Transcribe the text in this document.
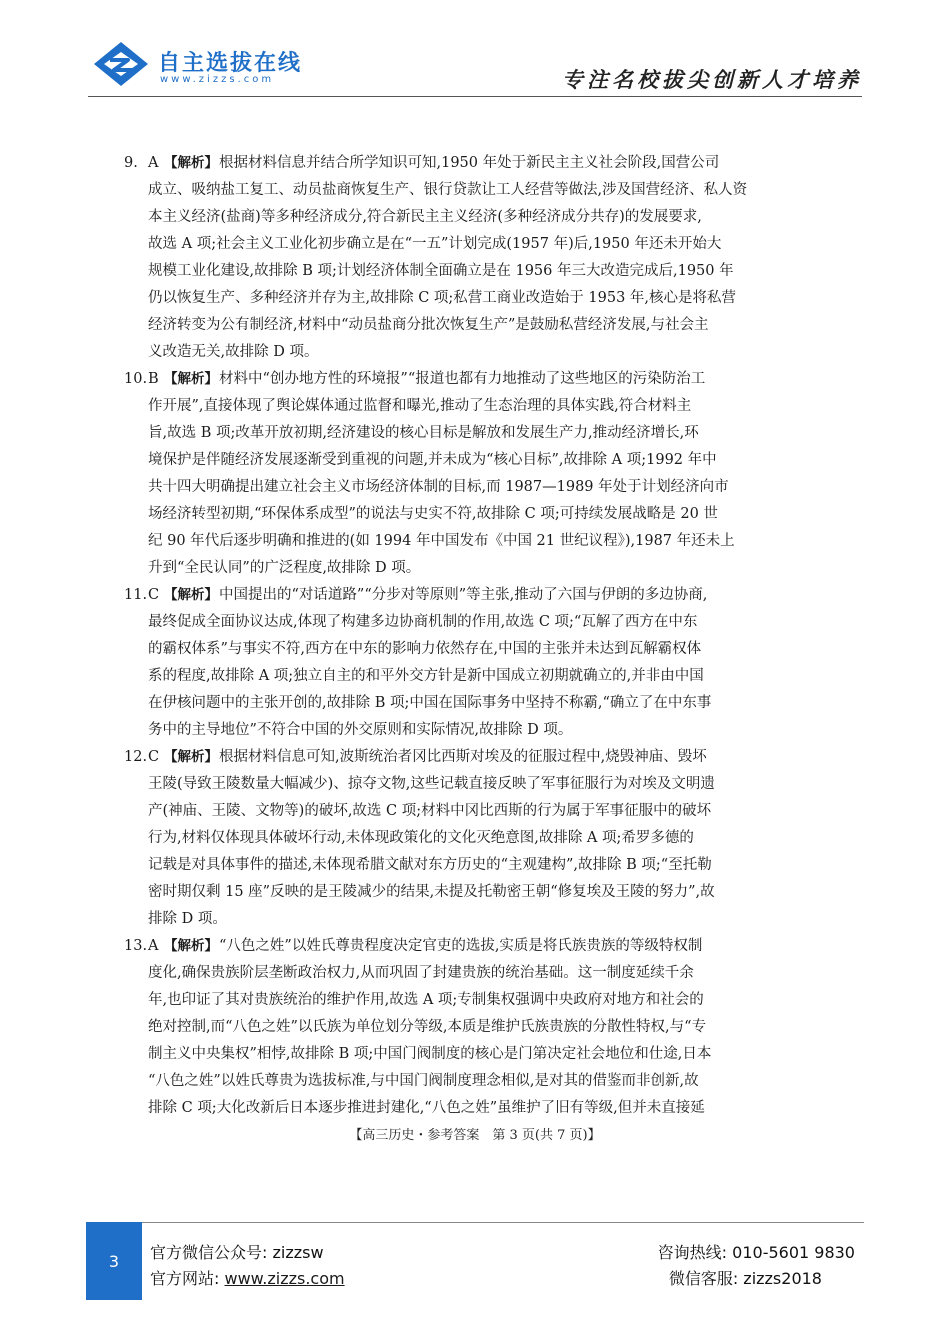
自主选拔在线
www.zizzs.com	专注名校拔尖创新人才培养
9. A 【解析】根据材料信息并结合所学知识可知,1950 年处于新民主主义社会阶段,国营公司
成立、吸纳盐工复工、动员盐商恢复生产、银行贷款让工人经营等做法,涉及国营经济、私人资
本主义经济(盐商)等多种经济成分,符合新民主主义经济(多种经济成分共存)的发展要求,
故选 A 项;社会主义工业化初步确立是在“一五”计划完成(1957 年)后,1950 年还未开始大
规模工业化建设,故排除 B 项;计划经济体制全面确立是在 1956 年三大改造完成后,1950 年
仍以恢复生产、多种经济并存为主,故排除 C 项;私营工商业改造始于 1953 年,核心是将私营
经济转变为公有制经济,材料中“动员盐商分批次恢复生产”是鼓励私营经济发展,与社会主
义改造无关,故排除 D 项。
10.B 【解析】材料中“创办地方性的环境报”“报道也都有力地推动了这些地区的污染防治工
作开展”,直接体现了舆论媒体通过监督和曝光,推动了生态治理的具体实践,符合材料主
旨,故选 B 项;改革开放初期,经济建设的核心目标是解放和发展生产力,推动经济增长,环
境保护是伴随经济发展逐渐受到重视的问题,并未成为“核心目标”,故排除 A 项;1992 年中
共十四大明确提出建立社会主义市场经济体制的目标,而 1987—1989 年处于计划经济向市
场经济转型初期,“环保体系成型”的说法与史实不符,故排除 C 项;可持续发展战略是 20 世
纪 90 年代后逐步明确和推进的(如 1994 年中国发布《中国 21 世纪议程》),1987 年还未上
升到“全民认同”的广泛程度,故排除 D 项。
11.C 【解析】中国提出的“对话道路”“分步对等原则”等主张,推动了六国与伊朗的多边协商,
最终促成全面协议达成,体现了构建多边协商机制的作用,故选 C 项;“瓦解了西方在中东
的霸权体系”与事实不符,西方在中东的影响力依然存在,中国的主张并未达到瓦解霸权体
系的程度,故排除 A 项;独立自主的和平外交方针是新中国成立初期就确立的,并非由中国
在伊核问题中的主张开创的,故排除 B 项;中国在国际事务中坚持不称霸,“确立了在中东事
务中的主导地位”不符合中国的外交原则和实际情况,故排除 D 项。
12.C 【解析】根据材料信息可知,波斯统治者冈比西斯对埃及的征服过程中,烧毁神庙、毁坏
王陵(导致王陵数量大幅减少)、掠夺文物,这些记载直接反映了军事征服行为对埃及文明遗
产(神庙、王陵、文物等)的破坏,故选 C 项;材料中冈比西斯的行为属于军事征服中的破坏
行为,材料仅体现具体破坏行动,未体现政策化的文化灭绝意图,故排除 A 项;希罗多德的
记载是对具体事件的描述,未体现希腊文献对东方历史的“主观建构”,故排除 B 项;“至托勒
密时期仅剩 15 座”反映的是王陵减少的结果,未提及托勒密王朝“修复埃及王陵的努力”,故
排除 D 项。
13.A 【解析】“八色之姓”以姓氏尊贵程度决定官吏的选拔,实质是将氏族贵族的等级特权制
度化,确保贵族阶层垄断政治权力,从而巩固了封建贵族的统治基础。这一制度延续千余
年,也印证了其对贵族统治的维护作用,故选 A 项;专制集权强调中央政府对地方和社会的
绝对控制,而“八色之姓”以氏族为单位划分等级,本质是维护氏族贵族的分散性特权,与“专
制主义中央集权”相悖,故排除 B 项;中国门阀制度的核心是门第决定社会地位和仕途,日本
“八色之姓”以姓氏尊贵为选拔标准,与中国门阀制度理念相似,是对其的借鉴而非创新,故
排除 C 项;大化改新后日本逐步推进封建化,“八色之姓”虽维护了旧有等级,但并未直接延
【高三历史・参考答案　第 3 页(共 7 页)】
3	官方微信公众号: zizzsw
官方网站: www.zizzs.com
咨询热线: 010-5601 9830
微信客服: zizzs2018
